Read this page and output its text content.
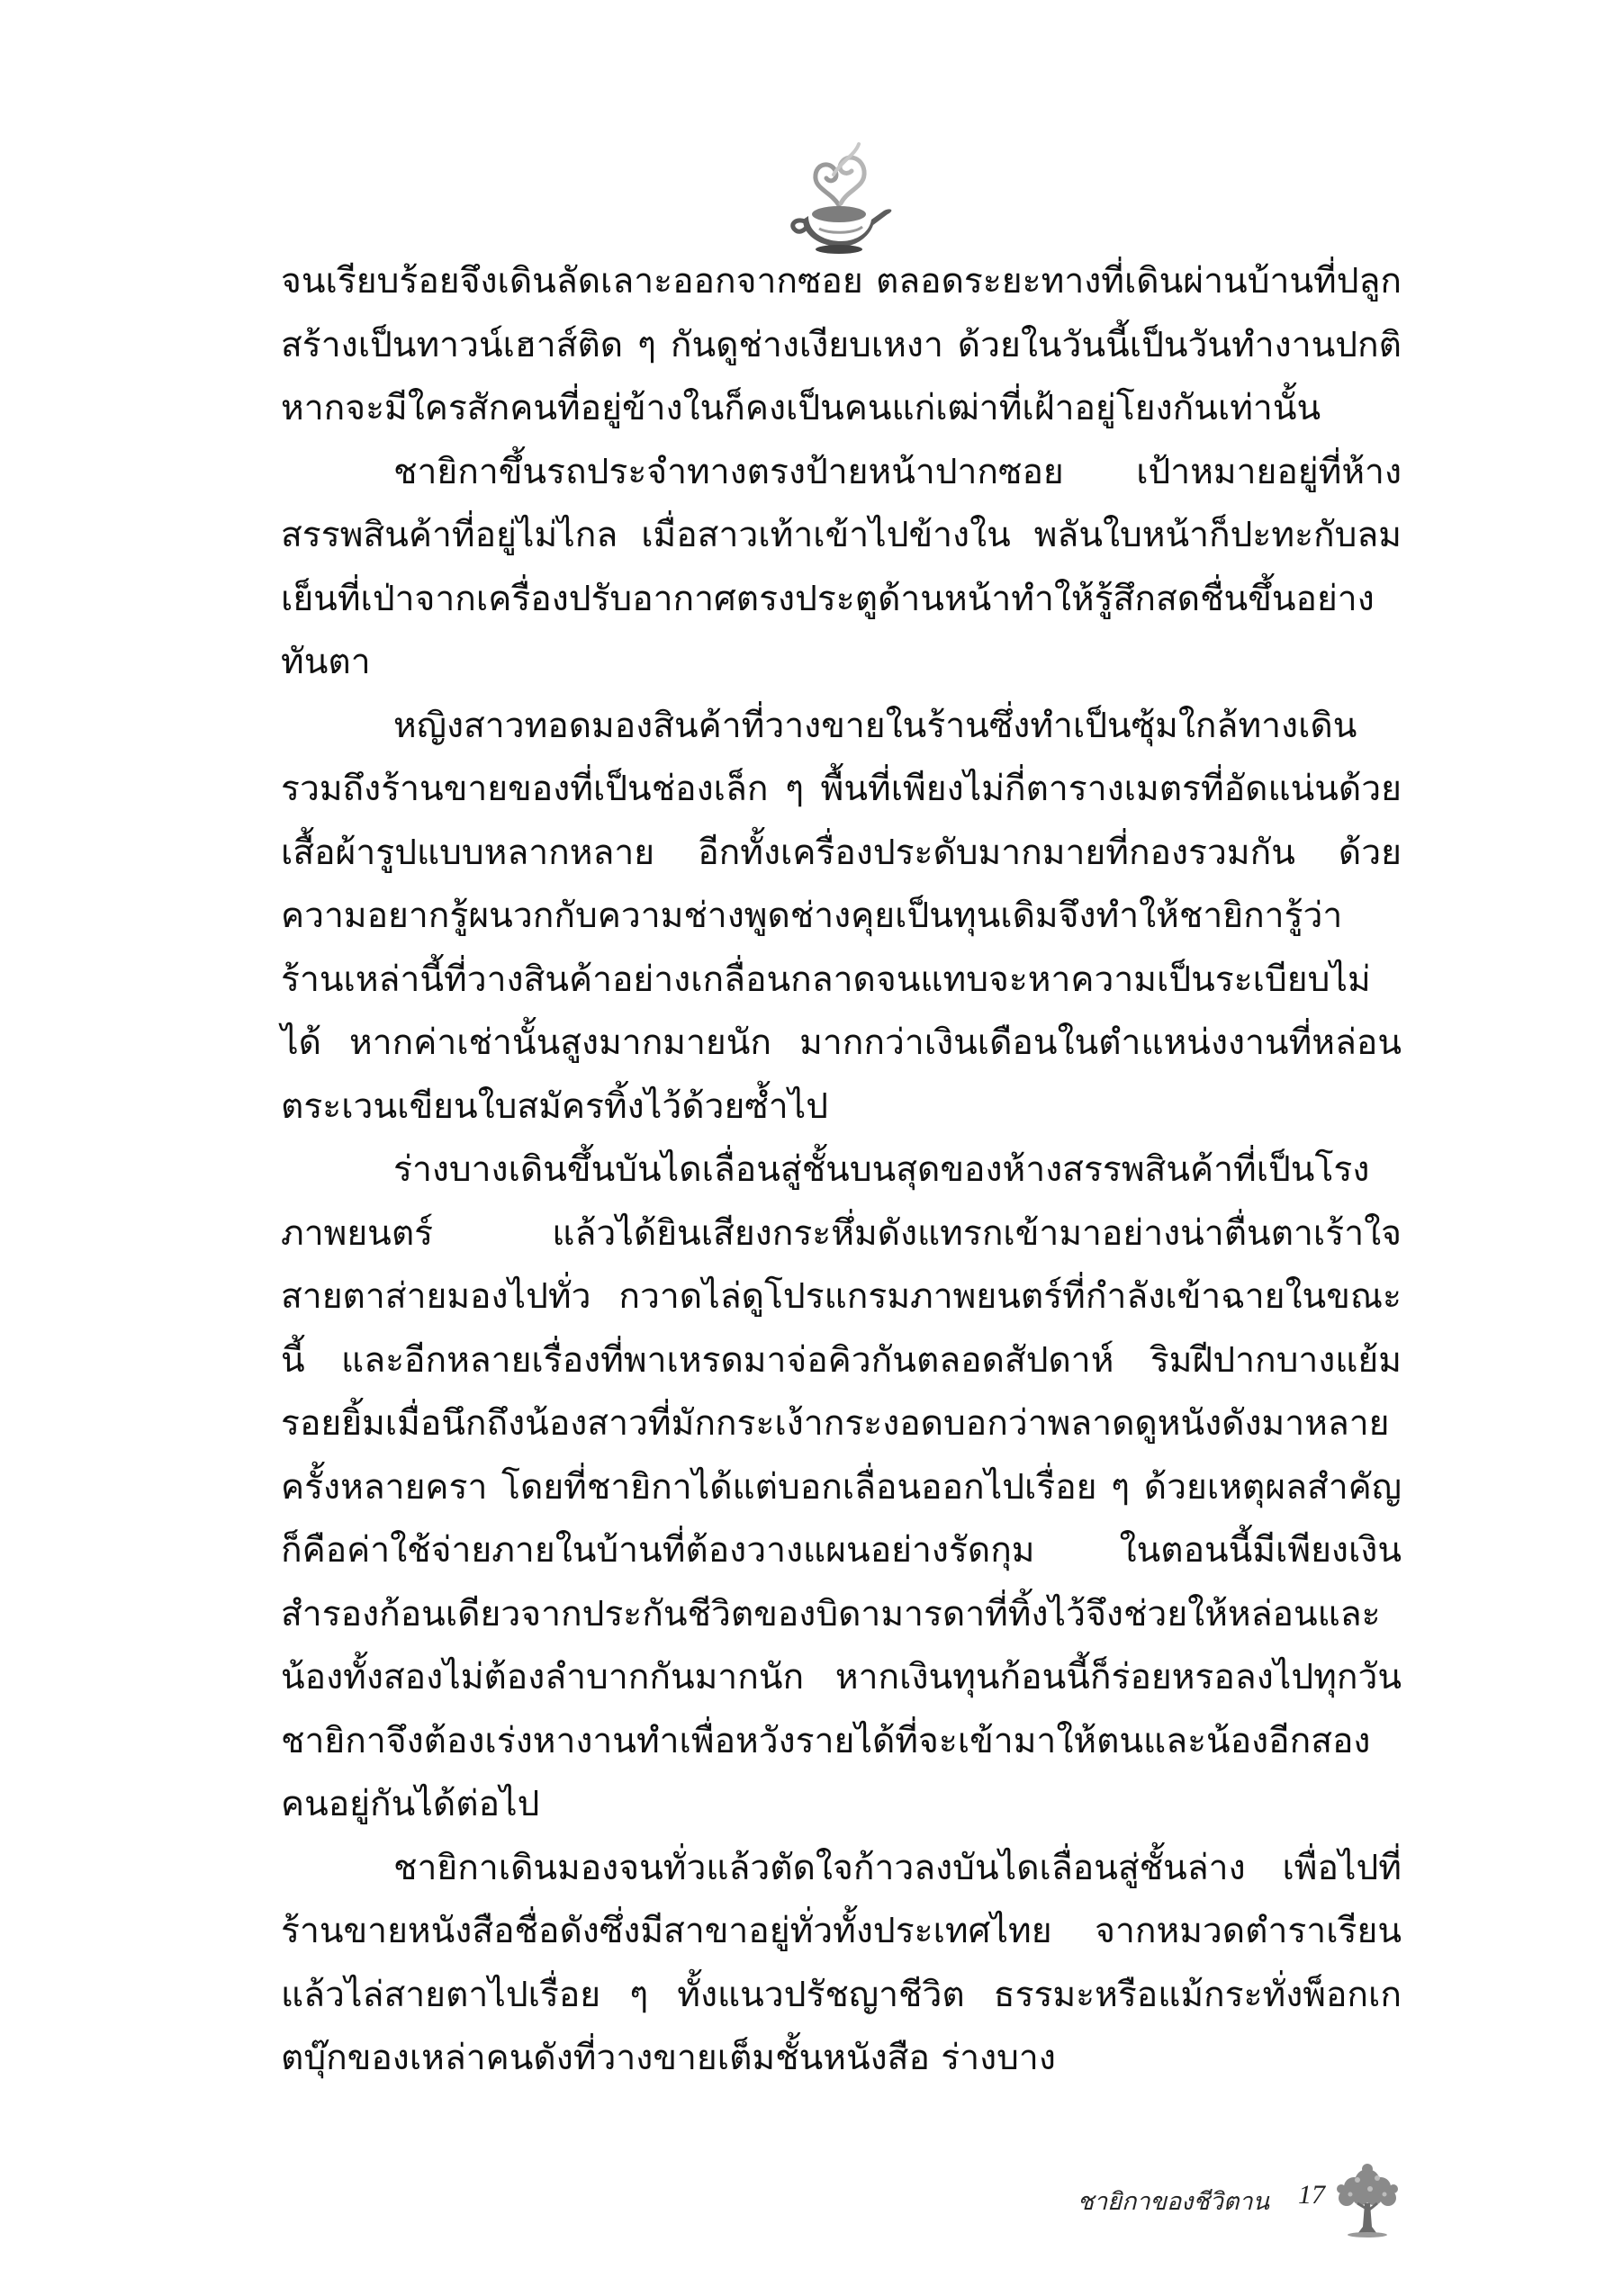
จนเรียบร้อยจึงเดินลัดเลาะออกจากซอย ตลอดระยะทางที่เดินผ่านบ้านที่ปลูกสร้างเป็นทาวน์เฮาส์ติด ๆ กันดูช่างเงียบเหงา ด้วยในวันนี้เป็นวันทำงานปกติ หากจะมีใครสักคนที่อยู่ข้างในก็คงเป็นคนแก่เฒ่าที่เฝ้าอยู่โยงกันเท่านั้น

ชายิกาขึ้นรถประจำทางตรงป้ายหน้าปากซอย เป้าหมายอยู่ที่ห้างสรรพสินค้าที่อยู่ไม่ไกล เมื่อสาวเท้าเข้าไปข้างใน พลันใบหน้าก็ปะทะกับลมเย็นที่เป่าจากเครื่องปรับอากาศตรงประตูด้านหน้าทำให้รู้สึกสดชื่นขึ้นอย่างทันตา

หญิงสาวทอดมองสินค้าที่วางขายในร้านซึ่งทำเป็นซุ้มใกล้ทางเดิน รวมถึงร้านขายของที่เป็นช่องเล็ก ๆ พื้นที่เพียงไม่กี่ตารางเมตรที่อัดแน่นด้วยเสื้อผ้ารูปแบบหลากหลาย อีกทั้งเครื่องประดับมากมายที่กองรวมกัน ด้วยความอยากรู้ผนวกกับความช่างพูดช่างคุยเป็นทุนเดิมจึงทำให้ชายิการู้ว่าร้านเหล่านี้ที่วางสินค้าอย่างเกลื่อนกลาดจนแทบจะหาความเป็นระเบียบไม่ได้ หากค่าเช่านั้นสูงมากมายนัก มากกว่าเงินเดือนในตำแหน่งงานที่หล่อนตระเวนเขียนใบสมัครทิ้งไว้ด้วยซ้ำไป

ร่างบางเดินขึ้นบันไดเลื่อนสู่ชั้นบนสุดของห้างสรรพสินค้าที่เป็นโรงภาพยนตร์ แล้วได้ยินเสียงกระหึ่มดังแทรกเข้ามาอย่างน่าตื่นตาเร้าใจ สายตาส่ายมองไปทั่ว กวาดไล่ดูโปรแกรมภาพยนตร์ที่กำลังเข้าฉายในขณะนี้ และอีกหลายเรื่องที่พาเหรดมาจ่อคิวกันตลอดสัปดาห์ ริมฝีปากบางแย้มรอยยิ้มเมื่อนึกถึงน้องสาวที่มักกระเง้ากระงอดบอกว่าพลาดดูหนังดังมาหลายครั้งหลายครา โดยที่ชายิกาได้แต่บอกเลื่อนออกไปเรื่อย ๆ ด้วยเหตุผลสำคัญก็คือค่าใช้จ่ายภายในบ้านที่ต้องวางแผนอย่างรัดกุม ในตอนนี้มีเพียงเงินสำรองก้อนเดียวจากประกันชีวิตของบิดามารดาที่ทิ้งไว้จึงช่วยให้หล่อนและน้องทั้งสองไม่ต้องลำบากกันมากนัก หากเงินทุนก้อนนี้ก็ร่อยหรอลงไปทุกวัน ชายิกาจึงต้องเร่งหางานทำเพื่อหวังรายได้ที่จะเข้ามาให้ตนและน้องอีกสองคนอยู่กันได้ต่อไป

ชายิกาเดินมองจนทั่วแล้วตัดใจก้าวลงบันไดเลื่อนสู่ชั้นล่าง เพื่อไปที่ร้านขายหนังสือชื่อดังซึ่งมีสาขาอยู่ทั่วทั้งประเทศไทย จากหมวดตำราเรียนแล้วไล่สายตาไปเรื่อย ๆ ทั้งแนวปรัชญาชีวิต ธรรมะหรือแม้กระทั่งพ็อกเกตบุ๊กของเหล่าคนดังที่วางขายเต็มชั้นหนังสือ ร่างบาง

ชายิกาของชีวิตาน 17
